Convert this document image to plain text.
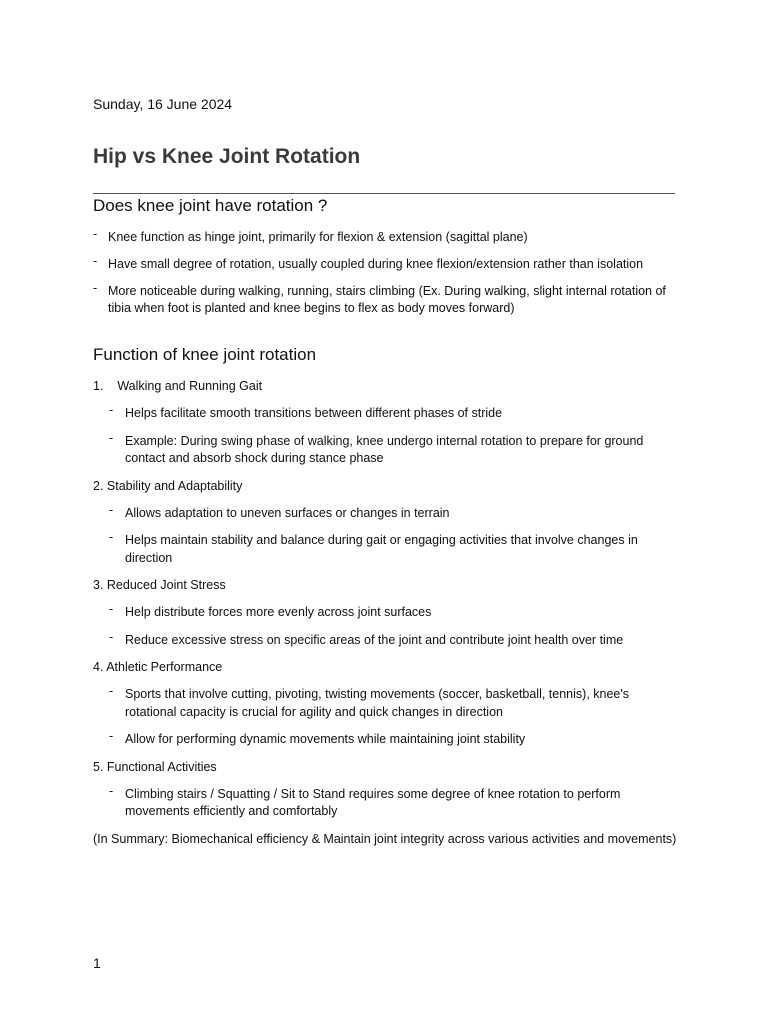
Sunday, 16 June 2024
Hip vs Knee Joint Rotation
Does knee joint have rotation ?
- Knee function as hinge joint, primarily for flexion & extension (sagittal plane)
- Have small degree of rotation, usually coupled during knee flexion/extension rather than isolation
- More noticeable during walking, running, stairs climbing (Ex. During walking, slight internal rotation of tibia when foot is planted and knee begins to flex as body moves forward)
Function of knee joint rotation
1.    Walking and Running Gait
- Helps facilitate smooth transitions between different phases of stride
- Example: During swing phase of walking, knee undergo internal rotation to prepare for ground contact and absorb shock during stance phase
2. Stability and Adaptability
- Allows adaptation to uneven surfaces or changes in terrain
- Helps maintain stability and balance during gait or engaging activities that involve changes in direction
3. Reduced Joint Stress
- Help distribute forces more evenly across joint surfaces
- Reduce excessive stress on specific areas of the joint and contribute joint health over time
4. Athletic Performance
- Sports that involve cutting, pivoting, twisting movements (soccer, basketball, tennis), knee's rotational capacity is crucial for agility and quick changes in direction
- Allow for performing dynamic movements while maintaining joint stability
5. Functional Activities
- Climbing stairs / Squatting / Sit to Stand requires some degree of knee rotation to perform movements efficiently and comfortably
(In Summary: Biomechanical efficiency & Maintain joint integrity across various activities and movements)
1
